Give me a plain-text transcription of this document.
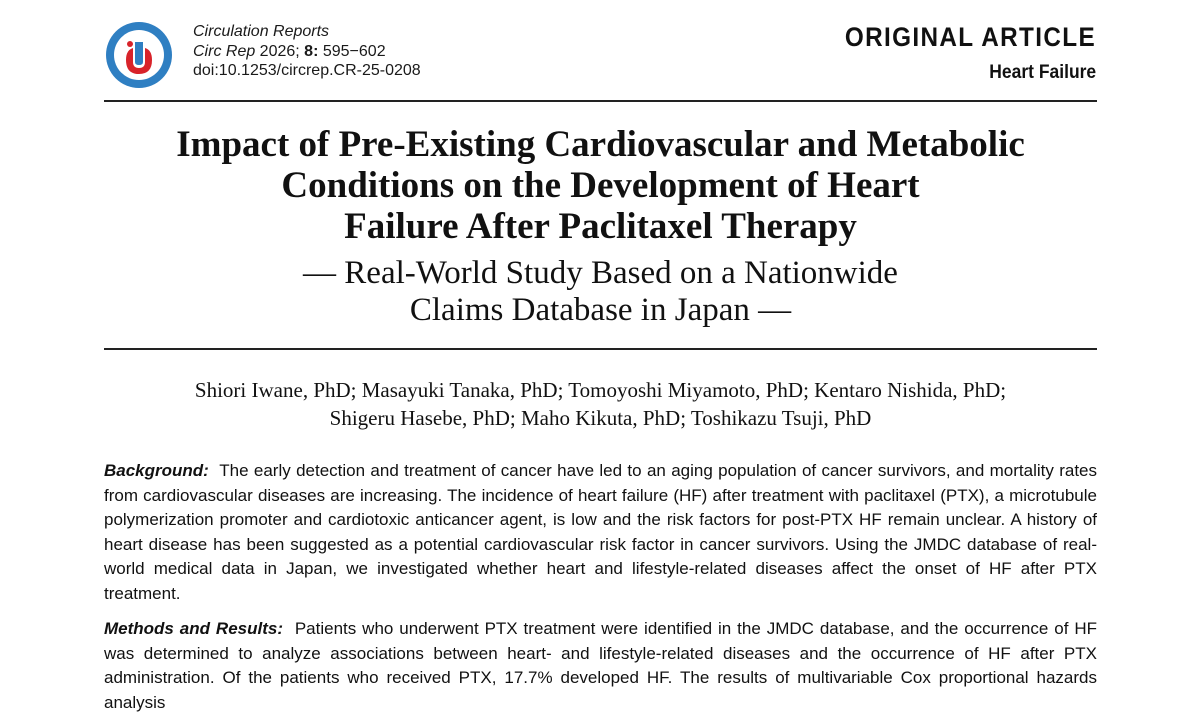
Circulation Reports
Circ Rep 2026; 8: 595−602
doi:10.1253/circrep.CR-25-0208
ORIGINAL ARTICLE
Heart Failure
Impact of Pre-Existing Cardiovascular and Metabolic
Conditions on the Development of Heart
Failure After Paclitaxel Therapy
— Real-World Study Based on a Nationwide
Claims Database in Japan —
Shiori Iwane, PhD; Masayuki Tanaka, PhD; Tomoyoshi Miyamoto, PhD; Kentaro Nishida, PhD;
Shigeru Hasebe, PhD; Maho Kikuta, PhD; Toshikazu Tsuji, PhD

Background: The early detection and treatment of cancer have led to an aging population of cancer survivors, and mortality rates from cardiovascular diseases are increasing. The incidence of heart failure (HF) after treatment with paclitaxel (PTX), a microtubule polymerization promoter and cardiotoxic anticancer agent, is low and the risk factors for post-PTX HF remain unclear. A history of heart disease has been suggested as a potential cardiovascular risk factor in cancer survivors. Using the JMDC database of real-world medical data in Japan, we investigated whether heart and lifestyle-related diseases affect the onset of HF after PTX treatment.

Methods and Results: Patients who underwent PTX treatment were identified in the JMDC database, and the occurrence of HF was determined to analyze associations between heart- and lifestyle-related diseases and the occurrence of HF after PTX administration. Of the patients who received PTX, 17.7% developed HF. The results of multivariable Cox proportional hazards analysis
